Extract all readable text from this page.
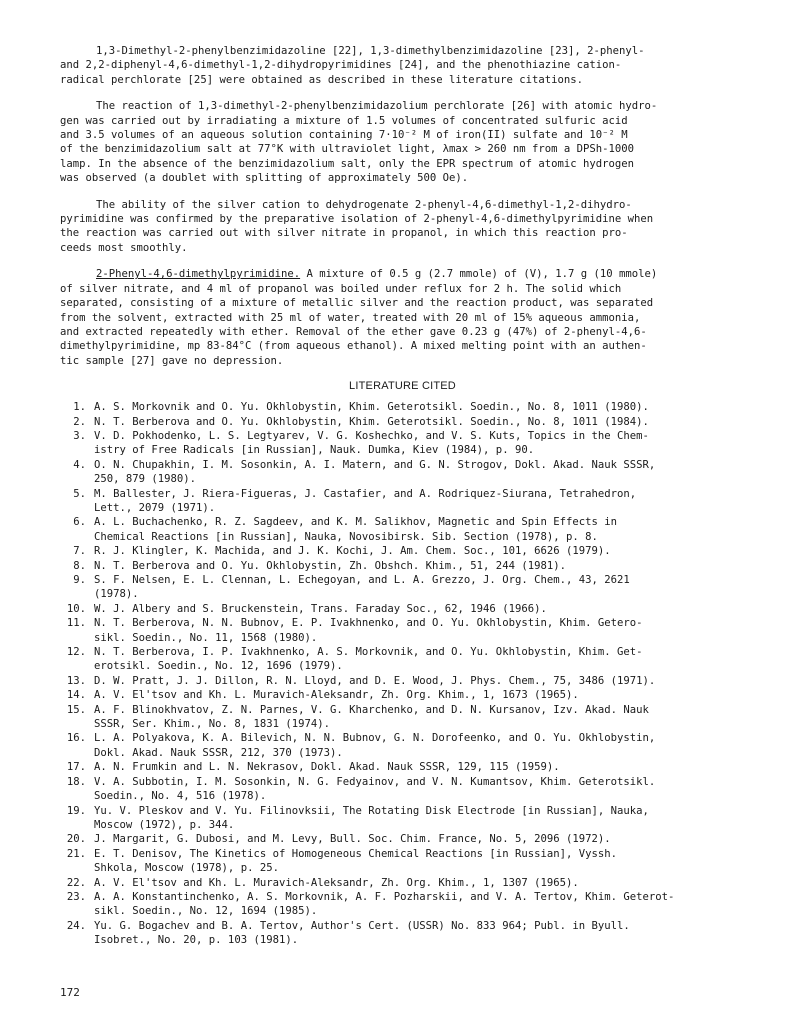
1,3-Dimethyl-2-phenylbenzimidazoline [22], 1,3-dimethylbenzimidazoline [23], 2-phenyl-
and 2,2-diphenyl-4,6-dimethyl-1,2-dihydropyrimidines [24], and the phenothiazine cation-
radical perchlorate [25] were obtained as described in these literature citations.
The reaction of 1,3-dimethyl-2-phenylbenzimidazolium perchlorate [26] with atomic hydro-
gen was carried out by irradiating a mixture of 1.5 volumes of concentrated sulfuric acid
and 3.5 volumes of an aqueous solution containing 7·10⁻² M of iron(II) sulfate and 10⁻² M
of the benzimidazolium salt at 77°K with ultraviolet light, λmax > 260 nm from a DPSh-1000
lamp. In the absence of the benzimidazolium salt, only the EPR spectrum of atomic hydrogen
was observed (a doublet with splitting of approximately 500 Oe).
The ability of the silver cation to dehydrogenate 2-phenyl-4,6-dimethyl-1,2-dihydro-
pyrimidine was confirmed by the preparative isolation of 2-phenyl-4,6-dimethylpyrimidine when
the reaction was carried out with silver nitrate in propanol, in which this reaction pro-
ceeds most smoothly.
2-Phenyl-4,6-dimethylpyrimidine. A mixture of 0.5 g (2.7 mmole) of (V), 1.7 g (10 mmole)
of silver nitrate, and 4 ml of propanol was boiled under reflux for 2 h. The solid which
separated, consisting of a mixture of metallic silver and the reaction product, was separated
from the solvent, extracted with 25 ml of water, treated with 20 ml of 15% aqueous ammonia,
and extracted repeatedly with ether. Removal of the ether gave 0.23 g (47%) of 2-phenyl-4,6-
dimethylpyrimidine, mp 83-84°C (from aqueous ethanol). A mixed melting point with an authen-
tic sample [27] gave no depression.
LITERATURE CITED
1. A. S. Morkovnik and O. Yu. Okhlobystin, Khim. Geterotsikl. Soedin., No. 8, 1011 (1980).
2. N. T. Berberova and O. Yu. Okhlobystin, Khim. Geterotsikl. Soedin., No. 8, 1011 (1984).
3. V. D. Pokhodenko, L. S. Legtyarev, V. G. Koshechko, and V. S. Kuts, Topics in the Chem-
istry of Free Radicals [in Russian], Nauk. Dumka, Kiev (1984), p. 90.
4. O. N. Chupakhin, I. M. Sosonkin, A. I. Matern, and G. N. Strogov, Dokl. Akad. Nauk SSSR,
250, 879 (1980).
5. M. Ballester, J. Riera-Figueras, J. Castafier, and A. Rodriquez-Siurana, Tetrahedron,
Lett., 2079 (1971).
6. A. L. Buchachenko, R. Z. Sagdeev, and K. M. Salikhov, Magnetic and Spin Effects in
Chemical Reactions [in Russian], Nauka, Novosibirsk. Sib. Section (1978), p. 8.
7. R. J. Klingler, K. Machida, and J. K. Kochi, J. Am. Chem. Soc., 101, 6626 (1979).
8. N. T. Berberova and O. Yu. Okhlobystin, Zh. Obshch. Khim., 51, 244 (1981).
9. S. F. Nelsen, E. L. Clennan, L. Echegoyan, and L. A. Grezzo, J. Org. Chem., 43, 2621
(1978).
10. W. J. Albery and S. Bruckenstein, Trans. Faraday Soc., 62, 1946 (1966).
11. N. T. Berberova, N. N. Bubnov, E. P. Ivakhnenko, and O. Yu. Okhlobystin, Khim. Getero-
sikl. Soedin., No. 11, 1568 (1980).
12. N. T. Berberova, I. P. Ivakhnenko, A. S. Morkovnik, and O. Yu. Okhlobystin, Khim. Get-
erotsikl. Soedin., No. 12, 1696 (1979).
13. D. W. Pratt, J. J. Dillon, R. N. Lloyd, and D. E. Wood, J. Phys. Chem., 75, 3486 (1971).
14. A. V. El'tsov and Kh. L. Muravich-Aleksandr, Zh. Org. Khim., 1, 1673 (1965).
15. A. F. Blinokhvatov, Z. N. Parnes, V. G. Kharchenko, and D. N. Kursanov, Izv. Akad. Nauk
SSSR, Ser. Khim., No. 8, 1831 (1974).
16. L. A. Polyakova, K. A. Bilevich, N. N. Bubnov, G. N. Dorofeenko, and O. Yu. Okhlobystin,
Dokl. Akad. Nauk SSSR, 212, 370 (1973).
17. A. N. Frumkin and L. N. Nekrasov, Dokl. Akad. Nauk SSSR, 129, 115 (1959).
18. V. A. Subbotin, I. M. Sosonkin, N. G. Fedyainov, and V. N. Kumantsov, Khim. Geterotsikl.
Soedin., No. 4, 516 (1978).
19. Yu. V. Pleskov and V. Yu. Filinovksii, The Rotating Disk Electrode [in Russian], Nauka,
Moscow (1972), p. 344.
20. J. Margarit, G. Dubosi, and M. Levy, Bull. Soc. Chim. France, No. 5, 2096 (1972).
21. E. T. Denisov, The Kinetics of Homogeneous Chemical Reactions [in Russian], Vyssh.
Shkola, Moscow (1978), p. 25.
22. A. V. El'tsov and Kh. L. Muravich-Aleksandr, Zh. Org. Khim., 1, 1307 (1965).
23. A. A. Konstantinchenko, A. S. Morkovnik, A. F. Pozharskii, and V. A. Tertov, Khim. Geterot-
sikl. Soedin., No. 12, 1694 (1985).
24. Yu. G. Bogachev and B. A. Tertov, Author's Cert. (USSR) No. 833 964; Publ. in Byull.
Isobret., No. 20, p. 103 (1981).
172
